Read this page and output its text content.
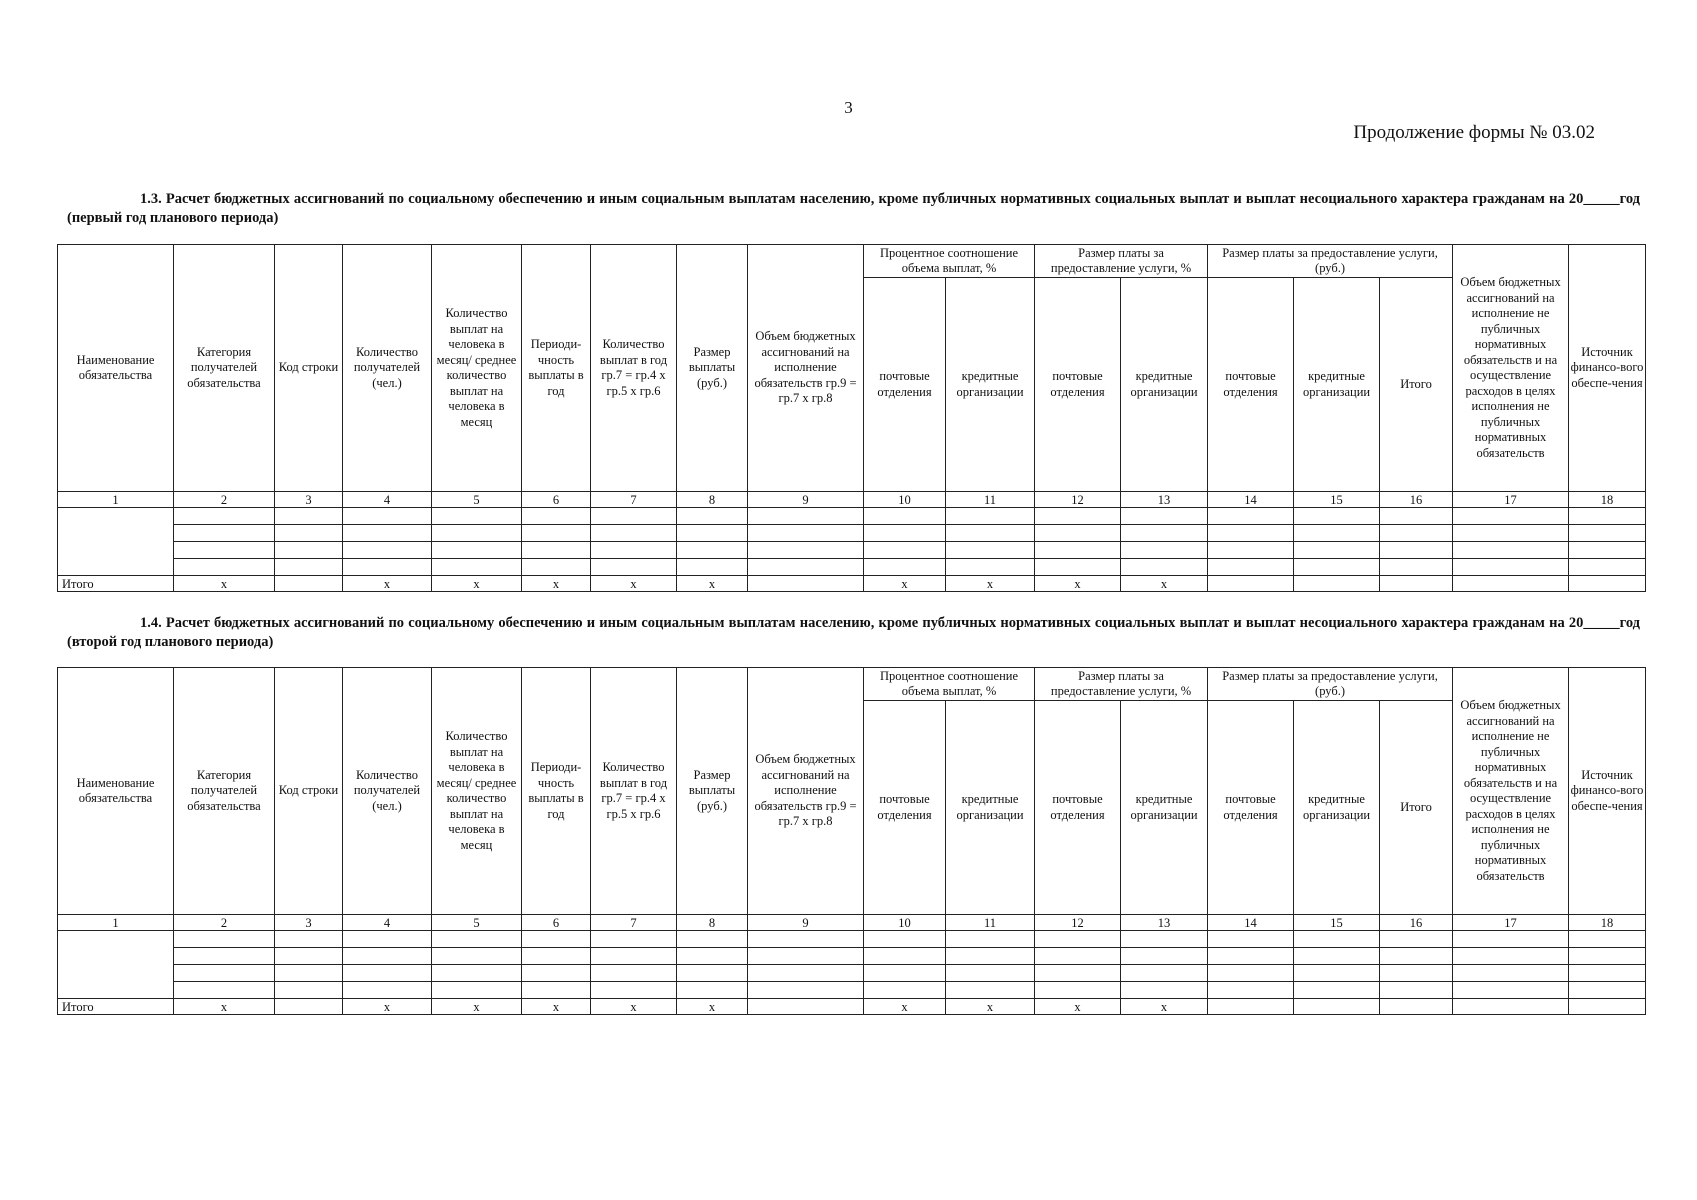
3
Продолжение формы № 03.02
1.3. Расчет бюджетных ассигнований по социальному обеспечению и иным социальным выплатам населению, кроме публичных нормативных социальных выплат и выплат несоциального характера гражданам на 20_____год (первый год планового периода)
Наименование обязательства	Категория получателей обязательства	Код строки	Количество получателей (чел.)	Количество выплат на человека в месяц/ среднее количество выплат на человека в месяц	Периоди-чность выплаты в год	Количество выплат в год гр.7 = гр.4 x гр.5 x гр.6	Размер выплаты (руб.)	Объем бюджетных ассигнований на исполнение обязательств гр.9 = гр.7 x гр.8	Процентное соотношение объема выплат, %		Размер платы за предоставление услуги, %		Размер платы за предоставление услуги, (руб.)			Объем бюджетных ассигнований на исполнение не публичных нормативных обязательств и на осуществление расходов в целях исполнения не публичных нормативных обязательств	Источник финансо-вого обеспе-чения
									почтовые отделения	кредитные организации	почтовые отделения	кредитные организации	почтовые отделения	кредитные организации	Итого		
1	2	3	4	5	6	7	8	9	10	11	12	13	14	15	16	17	18

Итого	x		x	x	x	x	x		x	x	x	x					
1.4. Расчет бюджетных ассигнований по социальному обеспечению и иным социальным выплатам населению, кроме публичных нормативных социальных выплат и выплат несоциального характера гражданам на 20_____год (второй год планового периода)
Наименование обязательства	Категория получателей обязательства	Код строки	Количество получателей (чел.)	Количество выплат на человека в месяц/ среднее количество выплат на человека в месяц	Периоди-чность выплаты в год	Количество выплат в год гр.7 = гр.4 x гр.5 x гр.6	Размер выплаты (руб.)	Объем бюджетных ассигнований на исполнение обязательств гр.9 = гр.7 x гр.8	Процентное соотношение объема выплат, %		Размер платы за предоставление услуги, %		Размер платы за предоставление услуги, (руб.)			Объем бюджетных ассигнований на исполнение не публичных нормативных обязательств и на осуществление расходов в целях исполнения не публичных нормативных обязательств	Источник финансо-вого обеспе-чения
									почтовые отделения	кредитные организации	почтовые отделения	кредитные организации	почтовые отделения	кредитные организации	Итого		
1	2	3	4	5	6	7	8	9	10	11	12	13	14	15	16	17	18

Итого	x		x	x	x	x	x		x	x	x	x					
